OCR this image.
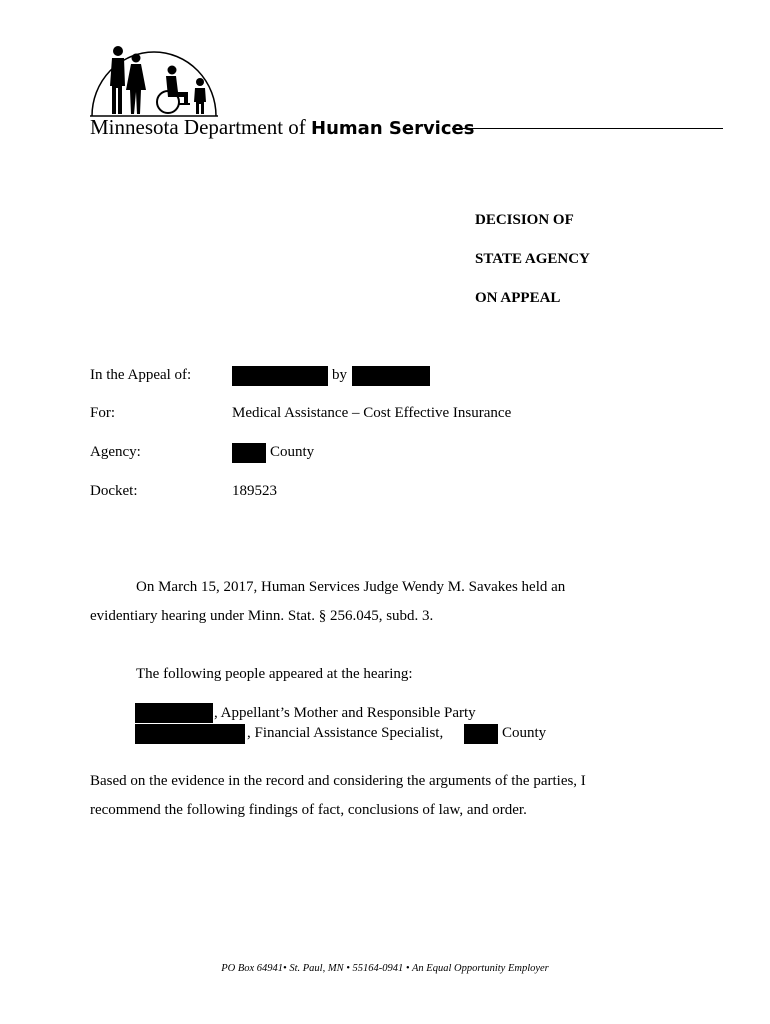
Minnesota Department of Human Services
DECISION OF
STATE AGENCY
ON APPEAL
In the Appeal of:	by
For:	Medical Assistance – Cost Effective Insurance
Agency:	County
Docket:	189523
On March 15, 2017, Human Services Judge Wendy M. Savakes held an
evidentiary hearing under Minn. Stat. § 256.045, subd. 3.
The following people appeared at the hearing:
, Appellant’s Mother and Responsible Party
, Financial Assistance Specialist,	County
Based on the evidence in the record and considering the arguments of the parties, I
recommend the following findings of fact, conclusions of law, and order.
PO Box 64941• St. Paul, MN • 55164-0941 • An Equal Opportunity Employer
